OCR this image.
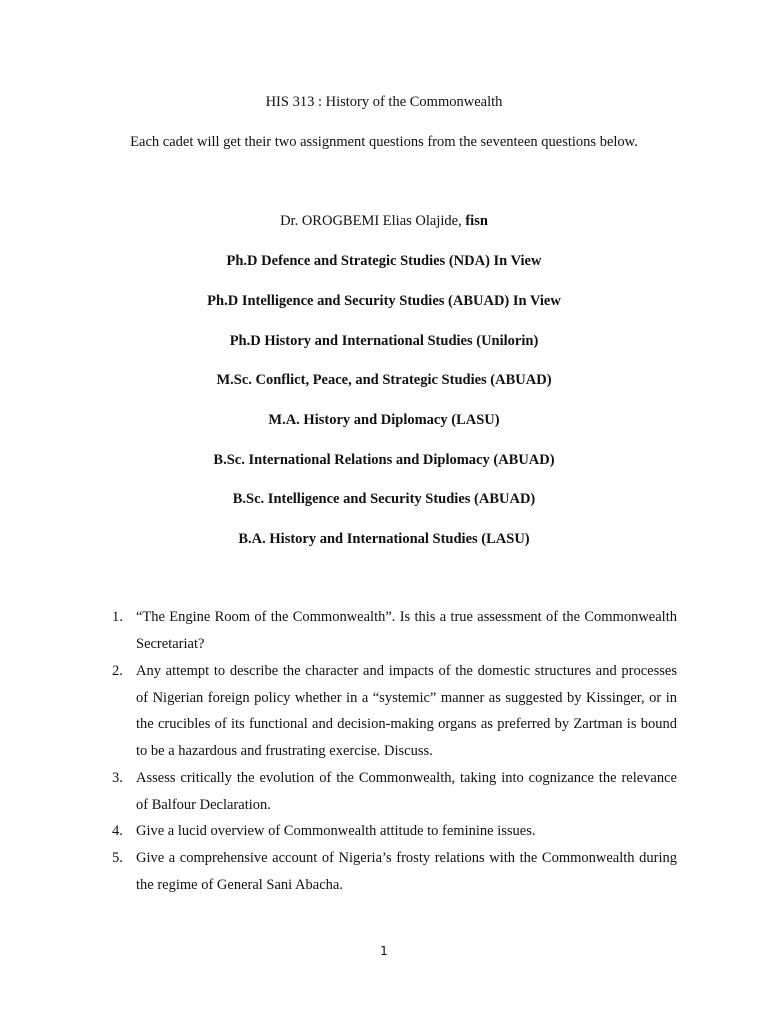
HIS 313 : History of the Commonwealth
Each cadet will get their two assignment questions from the seventeen questions below.
Dr. OROGBEMI Elias Olajide, fisn
Ph.D Defence and Strategic Studies (NDA) In View
Ph.D Intelligence and Security Studies (ABUAD) In View
Ph.D History and International Studies (Unilorin)
M.Sc. Conflict, Peace, and Strategic Studies (ABUAD)
M.A. History and Diplomacy (LASU)
B.Sc. International Relations and Diplomacy (ABUAD)
B.Sc. Intelligence and Security Studies (ABUAD)
B.A. History and International Studies (LASU)
1. “The Engine Room of the Commonwealth”. Is this a true assessment of the Commonwealth Secretariat?
2. Any attempt to describe the character and impacts of the domestic structures and processes of Nigerian foreign policy whether in a “systemic” manner as suggested by Kissinger, or in the crucibles of its functional and decision-making organs as preferred by Zartman is bound to be a hazardous and frustrating exercise. Discuss.
3. Assess critically the evolution of the Commonwealth, taking into cognizance the relevance of Balfour Declaration.
4. Give a lucid overview of Commonwealth attitude to feminine issues.
5. Give a comprehensive account of Nigeria’s frosty relations with the Commonwealth during the regime of General Sani Abacha.
1
